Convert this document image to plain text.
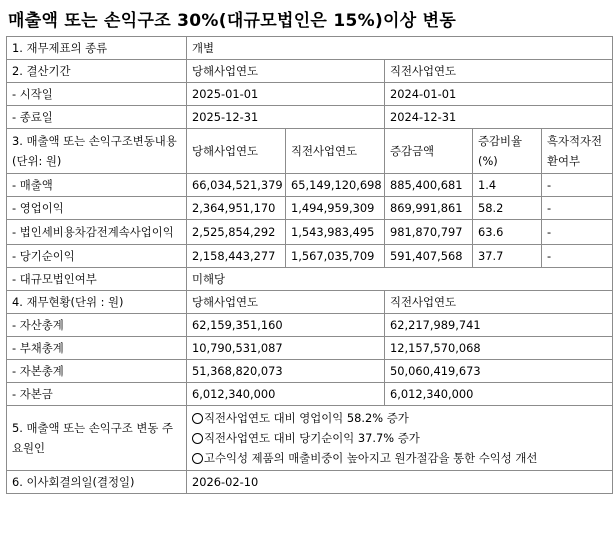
매출액 또는 손익구조 30%(대규모법인은 15%)이상 변동
1. 재무제표의 종류	개별				
2. 결산기간	당해사업연도		직전사업연도		
- 시작일	2025-01-01		2024-01-01		
- 종료일	2025-12-31		2024-12-31		
3. 매출액 또는 손익구조변동내용(단위: 원)	당해사업연도	직전사업연도	증감금액	증감비율(%)	흑자적자전환여부
- 매출액	66,034,521,379	65,149,120,698	885,400,681	1.4	-
- 영업이익	2,364,951,170	1,494,959,309	869,991,861	58.2	-
- 법인세비용차감전계속사업이익	2,525,854,292	1,543,983,495	981,870,797	63.6	-
- 당기순이익	2,158,443,277	1,567,035,709	591,407,568	37.7	-
- 대규모법인여부	미해당				
4. 재무현황(단위 : 원)	당해사업연도		직전사업연도		
- 자산총계	62,159,351,160		62,217,989,741		
- 부채총계	10,790,531,087		12,157,570,068		
- 자본총계	51,368,820,073		50,060,419,673		
- 자본금	6,012,340,000		6,012,340,000		
5. 매출액 또는 손익구조 변동 주요원인	직전사업연도 대비 영업이익 58.2% 증가
직전사업연도 대비 당기순이익 37.7% 증가
고수익성 제품의 매출비중이 높아지고 원가절감을 통한 수익성 개선				

6. 이사회결의일(결정일)	2026-02-10				
